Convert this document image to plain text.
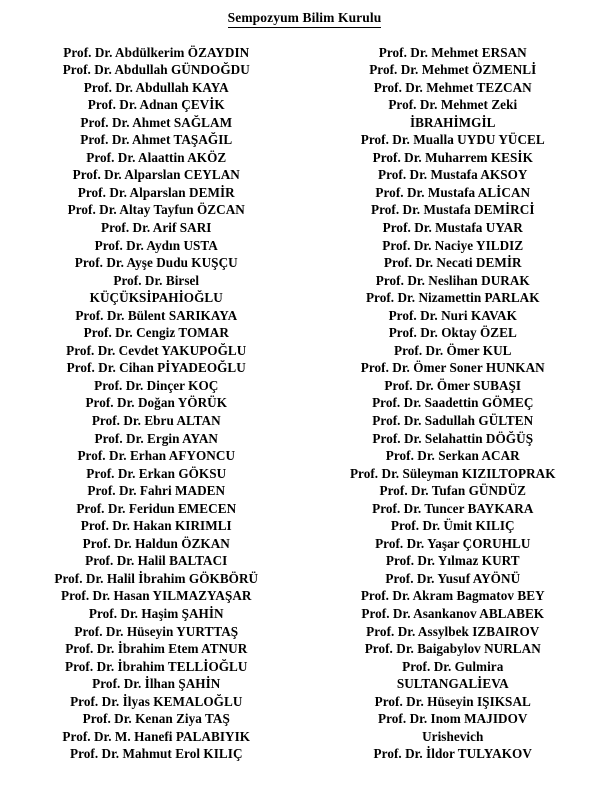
Sempozyum Bilim Kurulu
Prof. Dr. Abdülkerim ÖZAYDIN
Prof. Dr. Abdullah GÜNDOĞDU
Prof. Dr. Abdullah KAYA
Prof. Dr. Adnan ÇEVİK
Prof. Dr. Ahmet SAĞLAM
Prof. Dr. Ahmet TAŞAĞIL
Prof. Dr. Alaattin AKÖZ
Prof. Dr. Alparslan CEYLAN
Prof. Dr. Alparslan DEMİR
Prof. Dr. Altay Tayfun ÖZCAN
Prof. Dr. Arif SARI
Prof. Dr. Aydın USTA
Prof. Dr. Ayşe Dudu KUŞÇU
Prof. Dr. Birsel
KÜÇÜKSİPAHİOĞLU
Prof. Dr. Bülent SARIKAYA
Prof. Dr. Cengiz TOMAR
Prof. Dr. Cevdet YAKUPOĞLU
Prof. Dr. Cihan PİYADEOĞLU
Prof. Dr. Dinçer KOÇ
Prof. Dr. Doğan YÖRÜK
Prof. Dr. Ebru ALTAN
Prof. Dr. Ergin AYAN
Prof. Dr. Erhan AFYONCU
Prof. Dr. Erkan GÖKSU
Prof. Dr. Fahri MADEN
Prof. Dr. Feridun EMECEN
Prof. Dr. Hakan KIRIMLI
Prof. Dr. Haldun ÖZKAN
Prof. Dr. Halil BALTACI
Prof. Dr. Halil İbrahim GÖKBÖRÜ
Prof. Dr. Hasan YILMAZYAŞAR
Prof. Dr. Haşim ŞAHİN
Prof. Dr. Hüseyin YURTTAŞ
Prof. Dr. İbrahim Etem ATNUR
Prof. Dr. İbrahim TELLİOĞLU
Prof. Dr. İlhan ŞAHİN
Prof. Dr. İlyas KEMALOĞLU
Prof. Dr. Kenan Ziya TAŞ
Prof. Dr. M. Hanefi PALABIYIK
Prof. Dr. Mahmut Erol KILIÇ
Prof. Dr. Mehmet ERSAN
Prof. Dr. Mehmet ÖZMENLİ
Prof. Dr. Mehmet TEZCAN
Prof. Dr. Mehmet Zeki
İBRAHİMGİL
Prof. Dr. Mualla UYDU YÜCEL
Prof. Dr. Muharrem KESİK
Prof. Dr. Mustafa AKSOY
Prof. Dr. Mustafa ALİCAN
Prof. Dr. Mustafa DEMİRCİ
Prof. Dr. Mustafa UYAR
Prof. Dr. Naciye YILDIZ
Prof. Dr. Necati DEMİR
Prof. Dr. Neslihan DURAK
Prof. Dr. Nizamettin PARLAK
Prof. Dr. Nuri KAVAK
Prof. Dr. Oktay ÖZEL
Prof. Dr. Ömer KUL
Prof. Dr. Ömer Soner HUNKAN
Prof. Dr. Ömer SUBAŞI
Prof. Dr. Saadettin GÖMEÇ
Prof. Dr. Sadullah GÜLTEN
Prof. Dr. Selahattin DÖĞÜŞ
Prof. Dr. Serkan ACAR
Prof. Dr. Süleyman KIZILTOPRAK
Prof. Dr. Tufan GÜNDÜZ
Prof. Dr. Tuncer BAYKARA
Prof. Dr. Ümit KILIÇ
Prof. Dr. Yaşar ÇORUHLU
Prof. Dr. Yılmaz KURT
Prof. Dr. Yusuf AYÖNÜ
Prof. Dr. Akram Bagmatov BEY
Prof. Dr. Asankanov ABLABEK
Prof. Dr. Assylbek IZBAIROV
Prof. Dr. Baigabylov NURLAN
Prof. Dr. Gulmira
SULTANGALİEVA
Prof. Dr. Hüseyin IŞIKSAL
Prof. Dr. Inom MAJIDOV
Urishevich
Prof. Dr. İldor TULYAKOV
